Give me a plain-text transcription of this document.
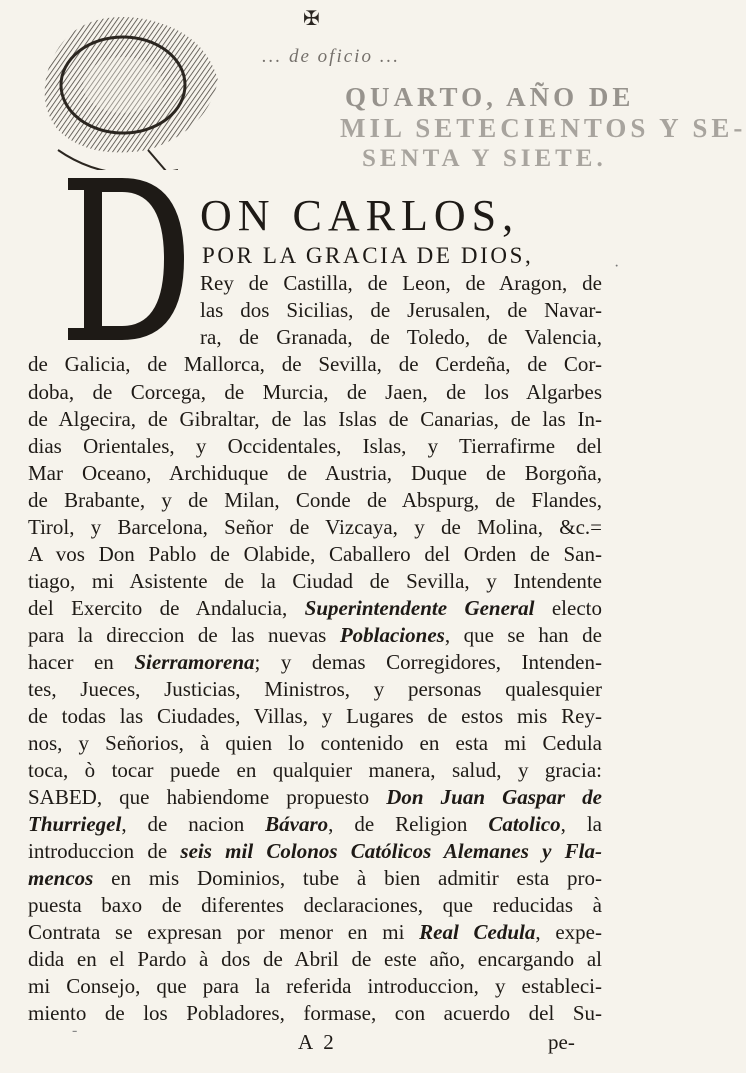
✠
... de oficio ...
QUARTO, AÑO DE
MIL SETECIENTOS Y SE-
SENTA Y SIETE.
ON CARLOS,
POR LA GRACIA DE DIOS,	·
Rey de Castilla, de Leon, de Aragon, de
las dos Sicilias, de Jerusalen, de Navar-
ra, de Granada, de Toledo, de Valencia,
de Galicia, de Mallorca, de Sevilla, de Cerdeña, de Cor-
doba, de Corcega, de Murcia, de Jaen, de los Algarbes
de Algecira, de Gibraltar, de las Islas de Canarias, de las In-
dias Orientales, y Occidentales, Islas, y Tierrafirme del
Mar Oceano, Archiduque de Austria, Duque de Borgoña,
de Brabante, y de Milan, Conde de Abspurg, de Flandes,
Tirol, y Barcelona, Señor de Vizcaya, y de Molina, &c.=
A vos Don Pablo de Olabide, Caballero del Orden de San-
tiago, mi Asistente de la Ciudad de Sevilla, y Intendente
del Exercito de Andalucia, Superintendente General electo
para la direccion de las nuevas Poblaciones, que se han de
hacer en Sierramorena; y demas Corregidores, Intenden-
tes, Jueces, Justicias, Ministros, y personas qualesquier
de todas las Ciudades, Villas, y Lugares de estos mis Rey-
nos, y Señorios, à quien lo contenido en esta mi Cedula
toca, ò tocar puede en qualquier manera, salud, y gracia:
SABED, que habiendome propuesto Don Juan Gaspar de
Thurriegel, de nacion Bávaro, de Religion Catolico, la
introduccion de seis mil Colonos Católicos Alemanes y Fla-
mencos en mis Dominios, tube à bien admitir esta pro-
puesta baxo de diferentes declaraciones, que reducidas à
Contrata se expresan por menor en mi Real Cedula, expe-
dida en el Pardo à dos de Abril de este año, encargando al
mi Consejo, que para la referida introduccion, y estableci-
miento de los Pobladores, formase, con acuerdo del Su-
-	A 2	pe-
